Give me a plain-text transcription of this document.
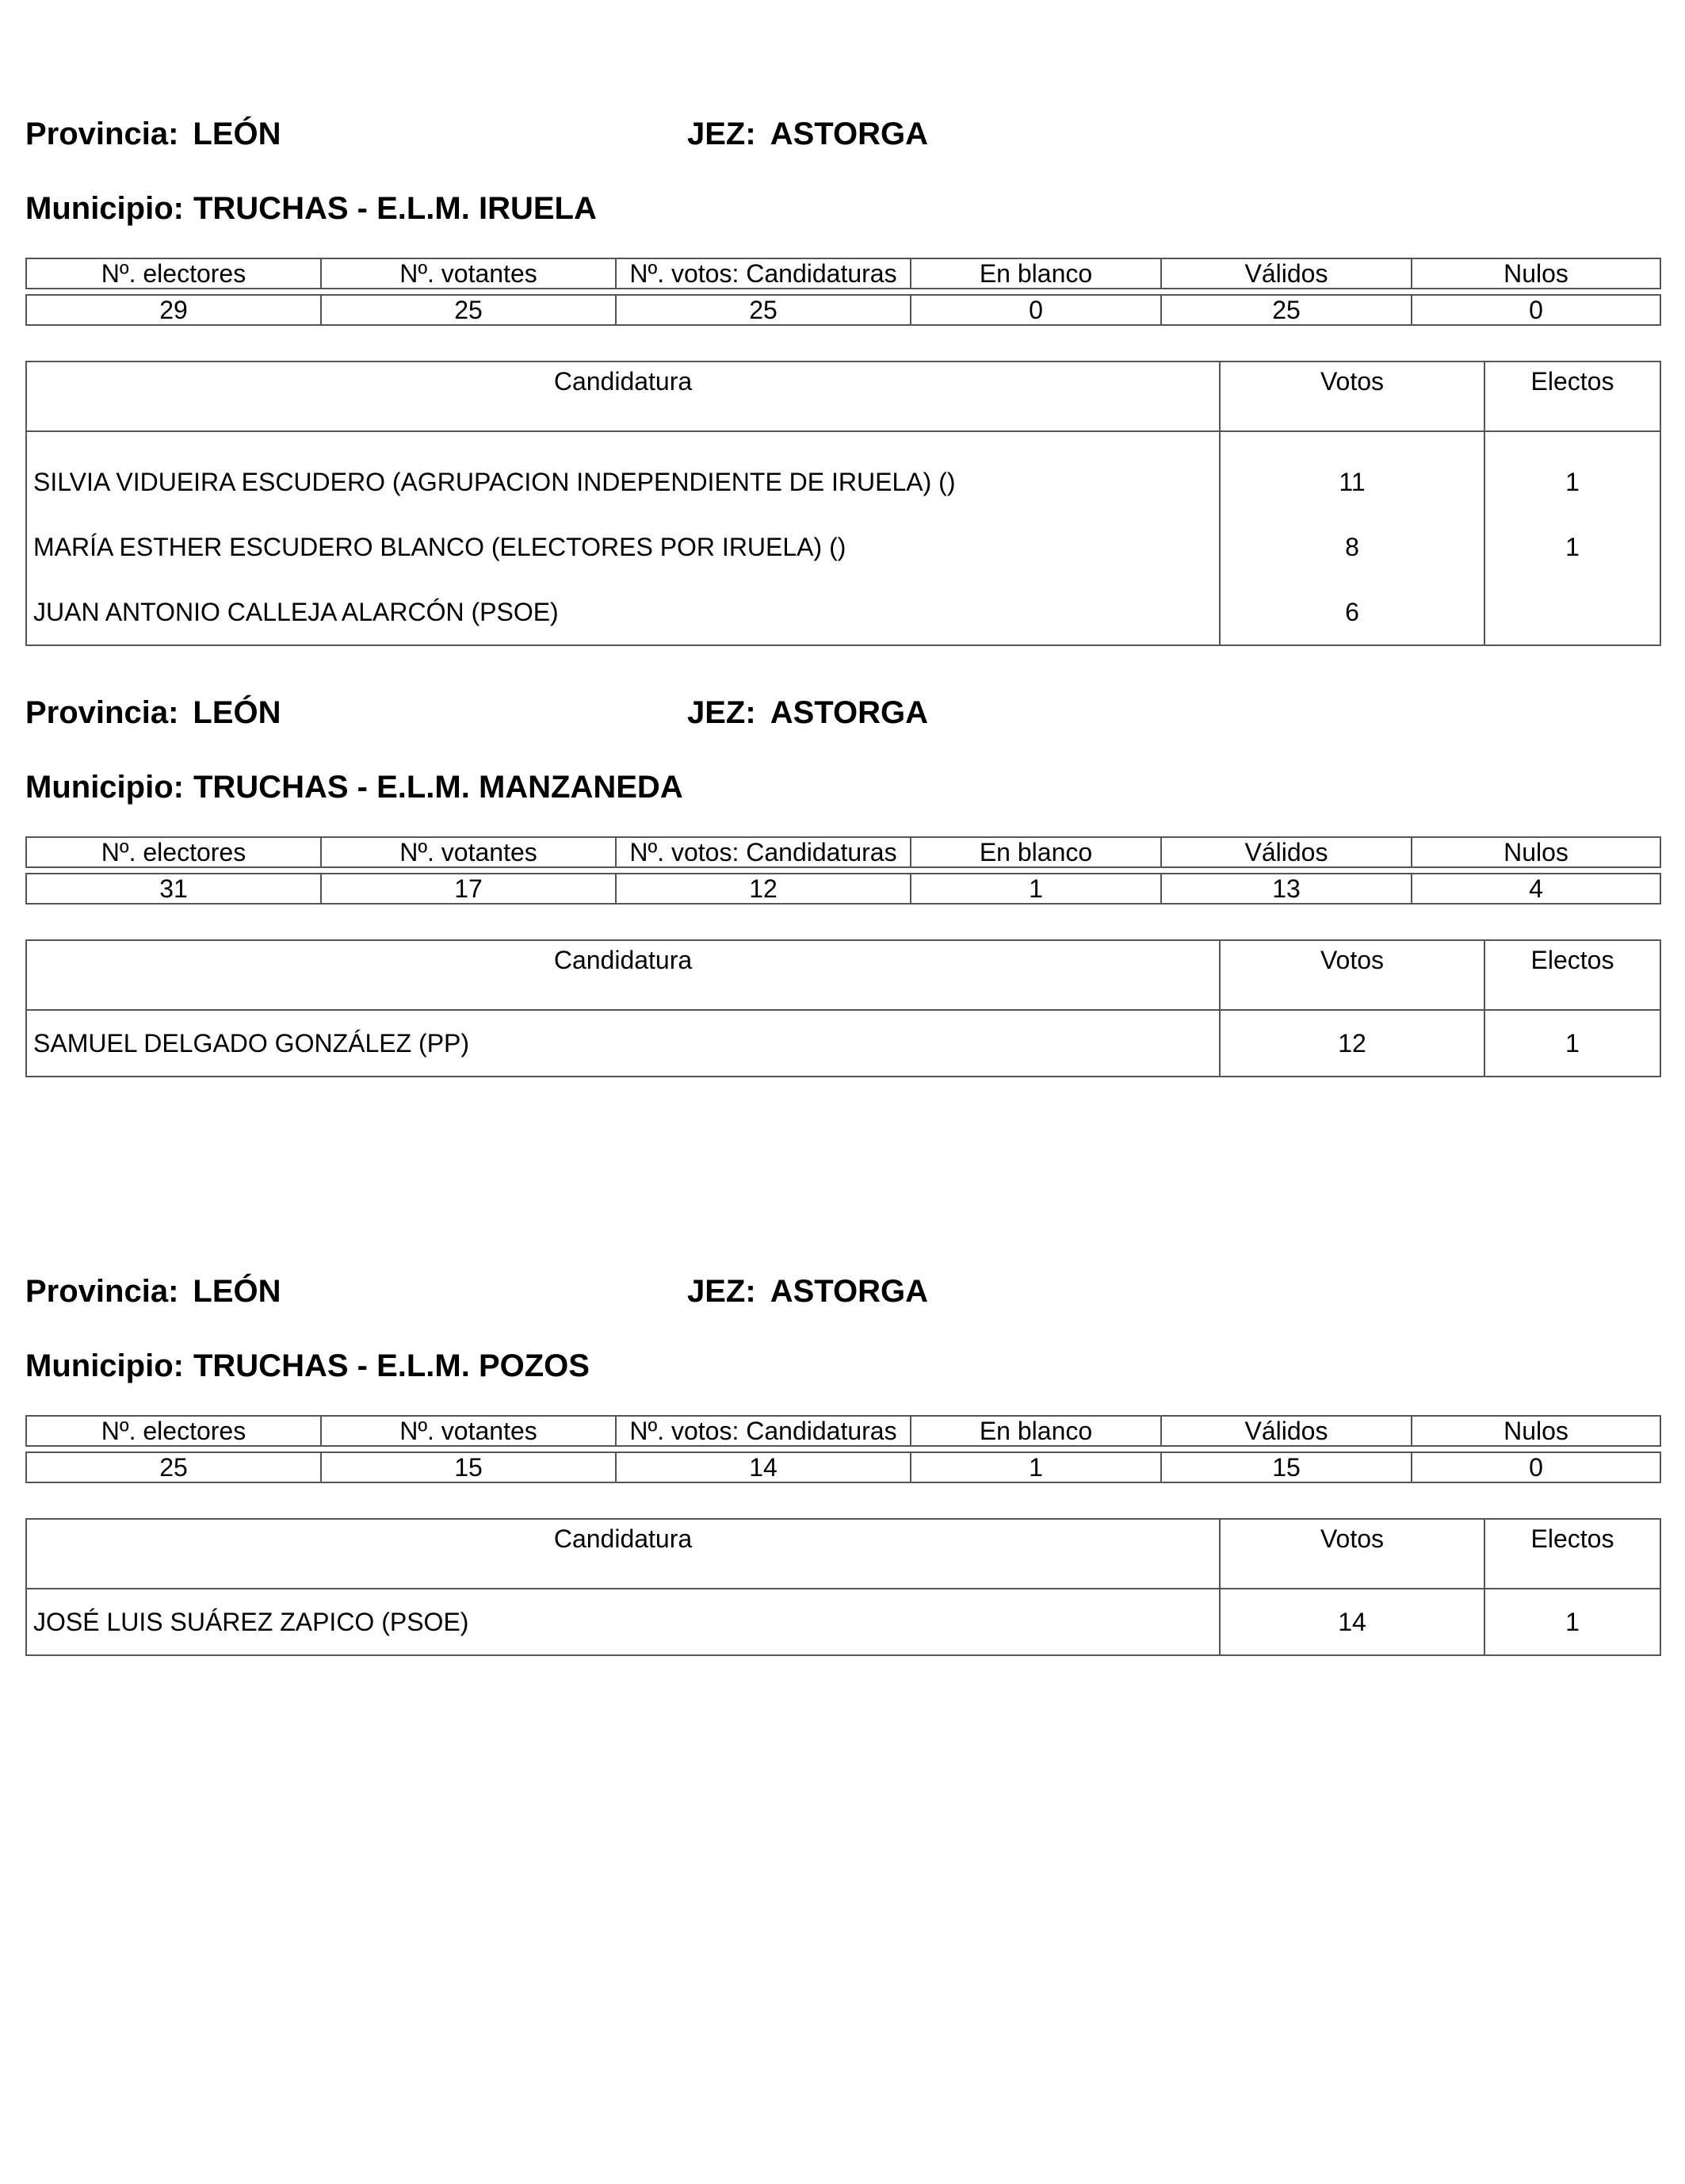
Provincia: LEÓN	JEZ: ASTORGA
Municipio: TRUCHAS - E.L.M. IRUELA
Nº. electores	Nº. votantes	Nº. votos: Candidaturas	En blanco	Válidos	Nulos

29	25	25	0	25	0
Candidatura	Votos	Electos
SILVIA VIDUEIRA ESCUDERO (AGRUPACION INDEPENDIENTE DE IRUELA) ()	11	1
MARÍA ESTHER ESCUDERO BLANCO (ELECTORES POR IRUELA) ()	8	1
JUAN ANTONIO CALLEJA ALARCÓN (PSOE)	6	
Provincia: LEÓN	JEZ: ASTORGA
Municipio: TRUCHAS - E.L.M. MANZANEDA
Nº. electores	Nº. votantes	Nº. votos: Candidaturas	En blanco	Válidos	Nulos

31	17	12	1	13	4
Candidatura	Votos	Electos
SAMUEL DELGADO GONZÁLEZ (PP)	12	1
Provincia: LEÓN	JEZ: ASTORGA
Municipio: TRUCHAS - E.L.M. POZOS
Nº. electores	Nº. votantes	Nº. votos: Candidaturas	En blanco	Válidos	Nulos

25	15	14	1	15	0
Candidatura	Votos	Electos
JOSÉ LUIS SUÁREZ ZAPICO (PSOE)	14	1
